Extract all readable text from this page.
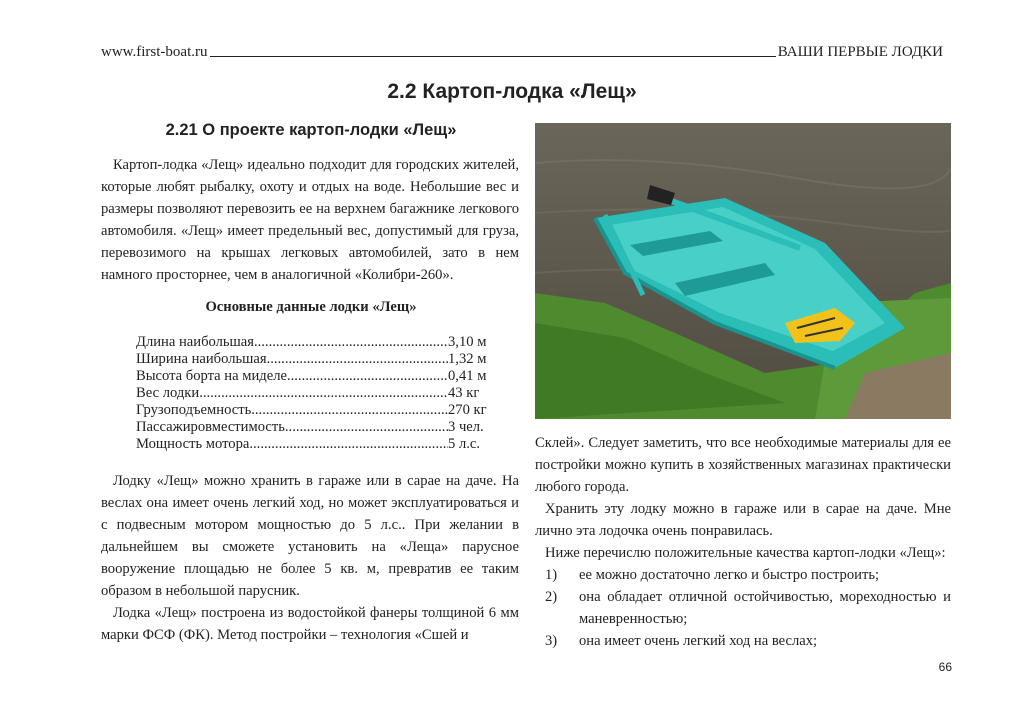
www.first-boat.ru	ВАШИ ПЕРВЫЕ ЛОДКИ
2.2 Картоп-лодка «Лещ»
2.21 О проекте картоп-лодки «Лещ»
Картоп-лодка «Лещ» идеально подходит для городских жителей, которые любят рыбалку, охоту и отдых на воде. Небольшие вес и размеры позволяют перевозить ее на верхнем багажнике легкового автомобиля. «Лещ» имеет предельный вес, допустимый для груза, перевозимого на крышах легковых автомобилей, зато в нем намного просторнее, чем в аналогичной «Колибри-260».
Основные данные лодки «Лещ»
Длина наибольшая .....	3,10 м
Ширина наибольшая .....	1,32 м
Высота борта на миделе .....	0,41 м
Вес лодки .....	43 кг
Грузоподъемность .....	270 кг
Пассажировместимость .....	3 чел.
Мощность мотора .....	5 л.с.
Лодку «Лещ» можно хранить в гараже или в сарае на даче. На веслах она имеет очень легкий ход, но может эксплуатироваться и с подвесным мотором мощностью до 5 л.с.. При желании в дальнейшем вы сможете установить на «Леща» парусное вооружение площадью не более 5 кв. м, превратив ее таким образом в небольшой парусник.
Лодка «Лещ» построена из водостойкой фанеры толщиной 6 мм марки ФСФ (ФК). Метод постройки – технология «Сшей и
Склей». Следует заметить, что все необходимые материалы для ее постройки можно купить в хозяйственных магазинах практически любого города.
Хранить эту лодку можно в гараже или в сарае на даче. Мне лично эта лодочка очень понравилась.
Ниже перечислю положительные качества картоп-лодки «Лещ»:
1)	ее можно достаточно легко и быстро построить;
2)	она обладает отличной остойчивостью, мореходностью и маневренностью;
3)	она имеет очень легкий ход на веслах;
66
